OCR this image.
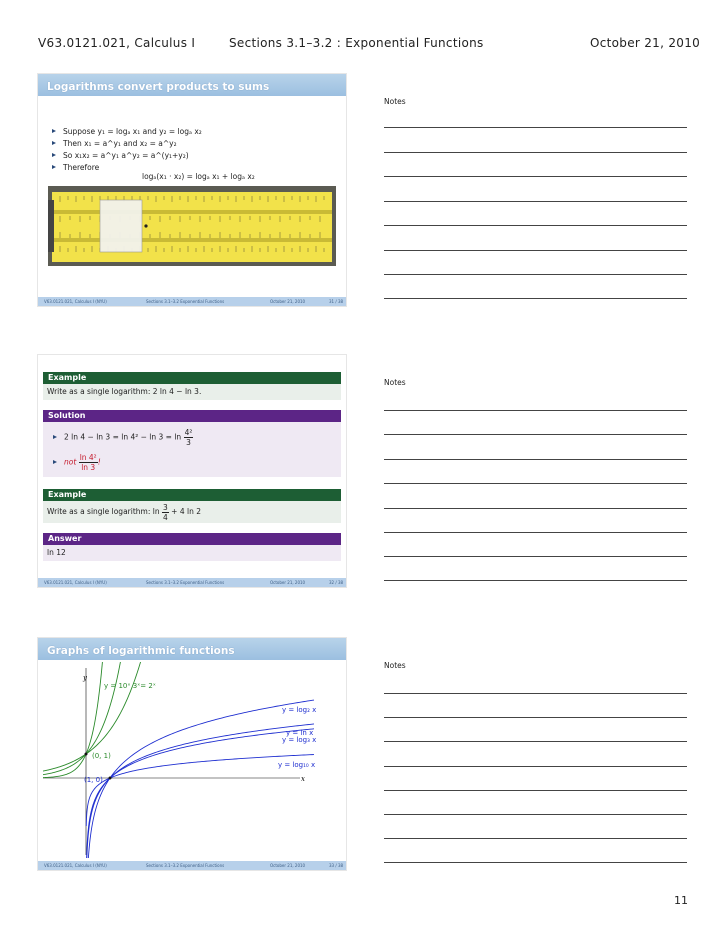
V63.0121.021, Calculus I	Sections 3.1–3.2 : Exponential Functions	October 21, 2010
Logarithms convert products to sums
Suppose y₁ = logₐ x₁ and y₂ = logₐ x₂
Then x₁ = a^y₁ and x₂ = a^y₂
So x₁x₂ = a^y₁ a^y₂ = a^(y₁+y₂)
Therefore
logₐ(x₁ · x₂) = logₐ x₁ + logₐ x₂
V63.0121.021, Calculus I (NYU)	Sections 3.1–3.2 Exponential Functions	October 21, 2010	31 / 38
Notes
Example
Write as a single logarithm: 2 ln 4 − ln 3.
Solution
2 $\ln 4 - \ln 3 = \ln 4^2 - \ln 3 = \ln \frac{\text{4²}}{3}$
not $\frac{\text{ln 4²}}{\ln 3}$ !
Example
Write as a single logarithm: $\ln \frac{3}{4} + 4$ ln 2
Answer
ln 12
V63.0121.021, Calculus I (NYU)	Sections 3.1–3.2 Exponential Functions	October 21, 2010	32 / 38
Notes
Graphs of logarithmic functions
y
x
y = 10ˣ 3ˣ= 2ˣ
y = log₂ x
y = ln x
y = log₃ x
y = log₁₀ x
(0, 1)
(1, 0)
V63.0121.021, Calculus I (NYU)	Sections 3.1–3.2 Exponential Functions	October 21, 2010	33 / 38
Notes
11
